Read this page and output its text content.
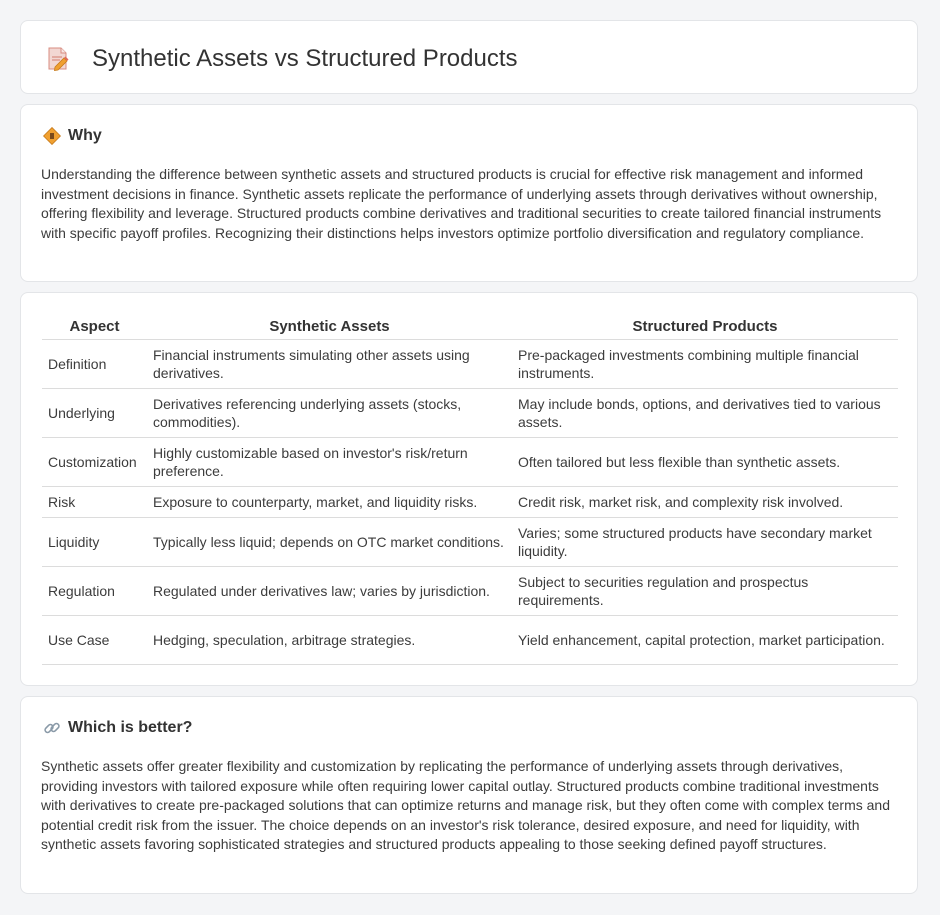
Synthetic Assets vs Structured Products
Why

Understanding the difference between synthetic assets and structured products is crucial for effective risk management and informed investment decisions in finance. Synthetic assets replicate the performance of underlying assets through derivatives without ownership, offering flexibility and leverage. Structured products combine derivatives and traditional securities to create tailored financial instruments with specific payoff profiles. Recognizing their distinctions helps investors optimize portfolio diversification and regulatory compliance.

Aspect	Synthetic Assets	Structured Products
Definition	Financial instruments simulating other assets using derivatives.	Pre-packaged investments combining multiple financial instruments.
Underlying	Derivatives referencing underlying assets (stocks, commodities).	May include bonds, options, and derivatives tied to various assets.
Customization	Highly customizable based on investor's risk/return preference.	Often tailored but less flexible than synthetic assets.
Risk	Exposure to counterparty, market, and liquidity risks.	Credit risk, market risk, and complexity risk involved.
Liquidity	Typically less liquid; depends on OTC market conditions.	Varies; some structured products have secondary market liquidity.
Regulation	Regulated under derivatives law; varies by jurisdiction.	Subject to securities regulation and prospectus requirements.
Use Case	Hedging, speculation, arbitrage strategies.	Yield enhancement, capital protection, market participation.
Which is better?

Synthetic assets offer greater flexibility and customization by replicating the performance of underlying assets through derivatives, providing investors with tailored exposure while often requiring lower capital outlay. Structured products combine traditional investments with derivatives to create pre-packaged solutions that can optimize returns and manage risk, but they often come with complex terms and potential credit risk from the issuer. The choice depends on an investor's risk tolerance, desired exposure, and need for liquidity, with synthetic assets favoring sophisticated strategies and structured products appealing to those seeking defined payoff structures.
